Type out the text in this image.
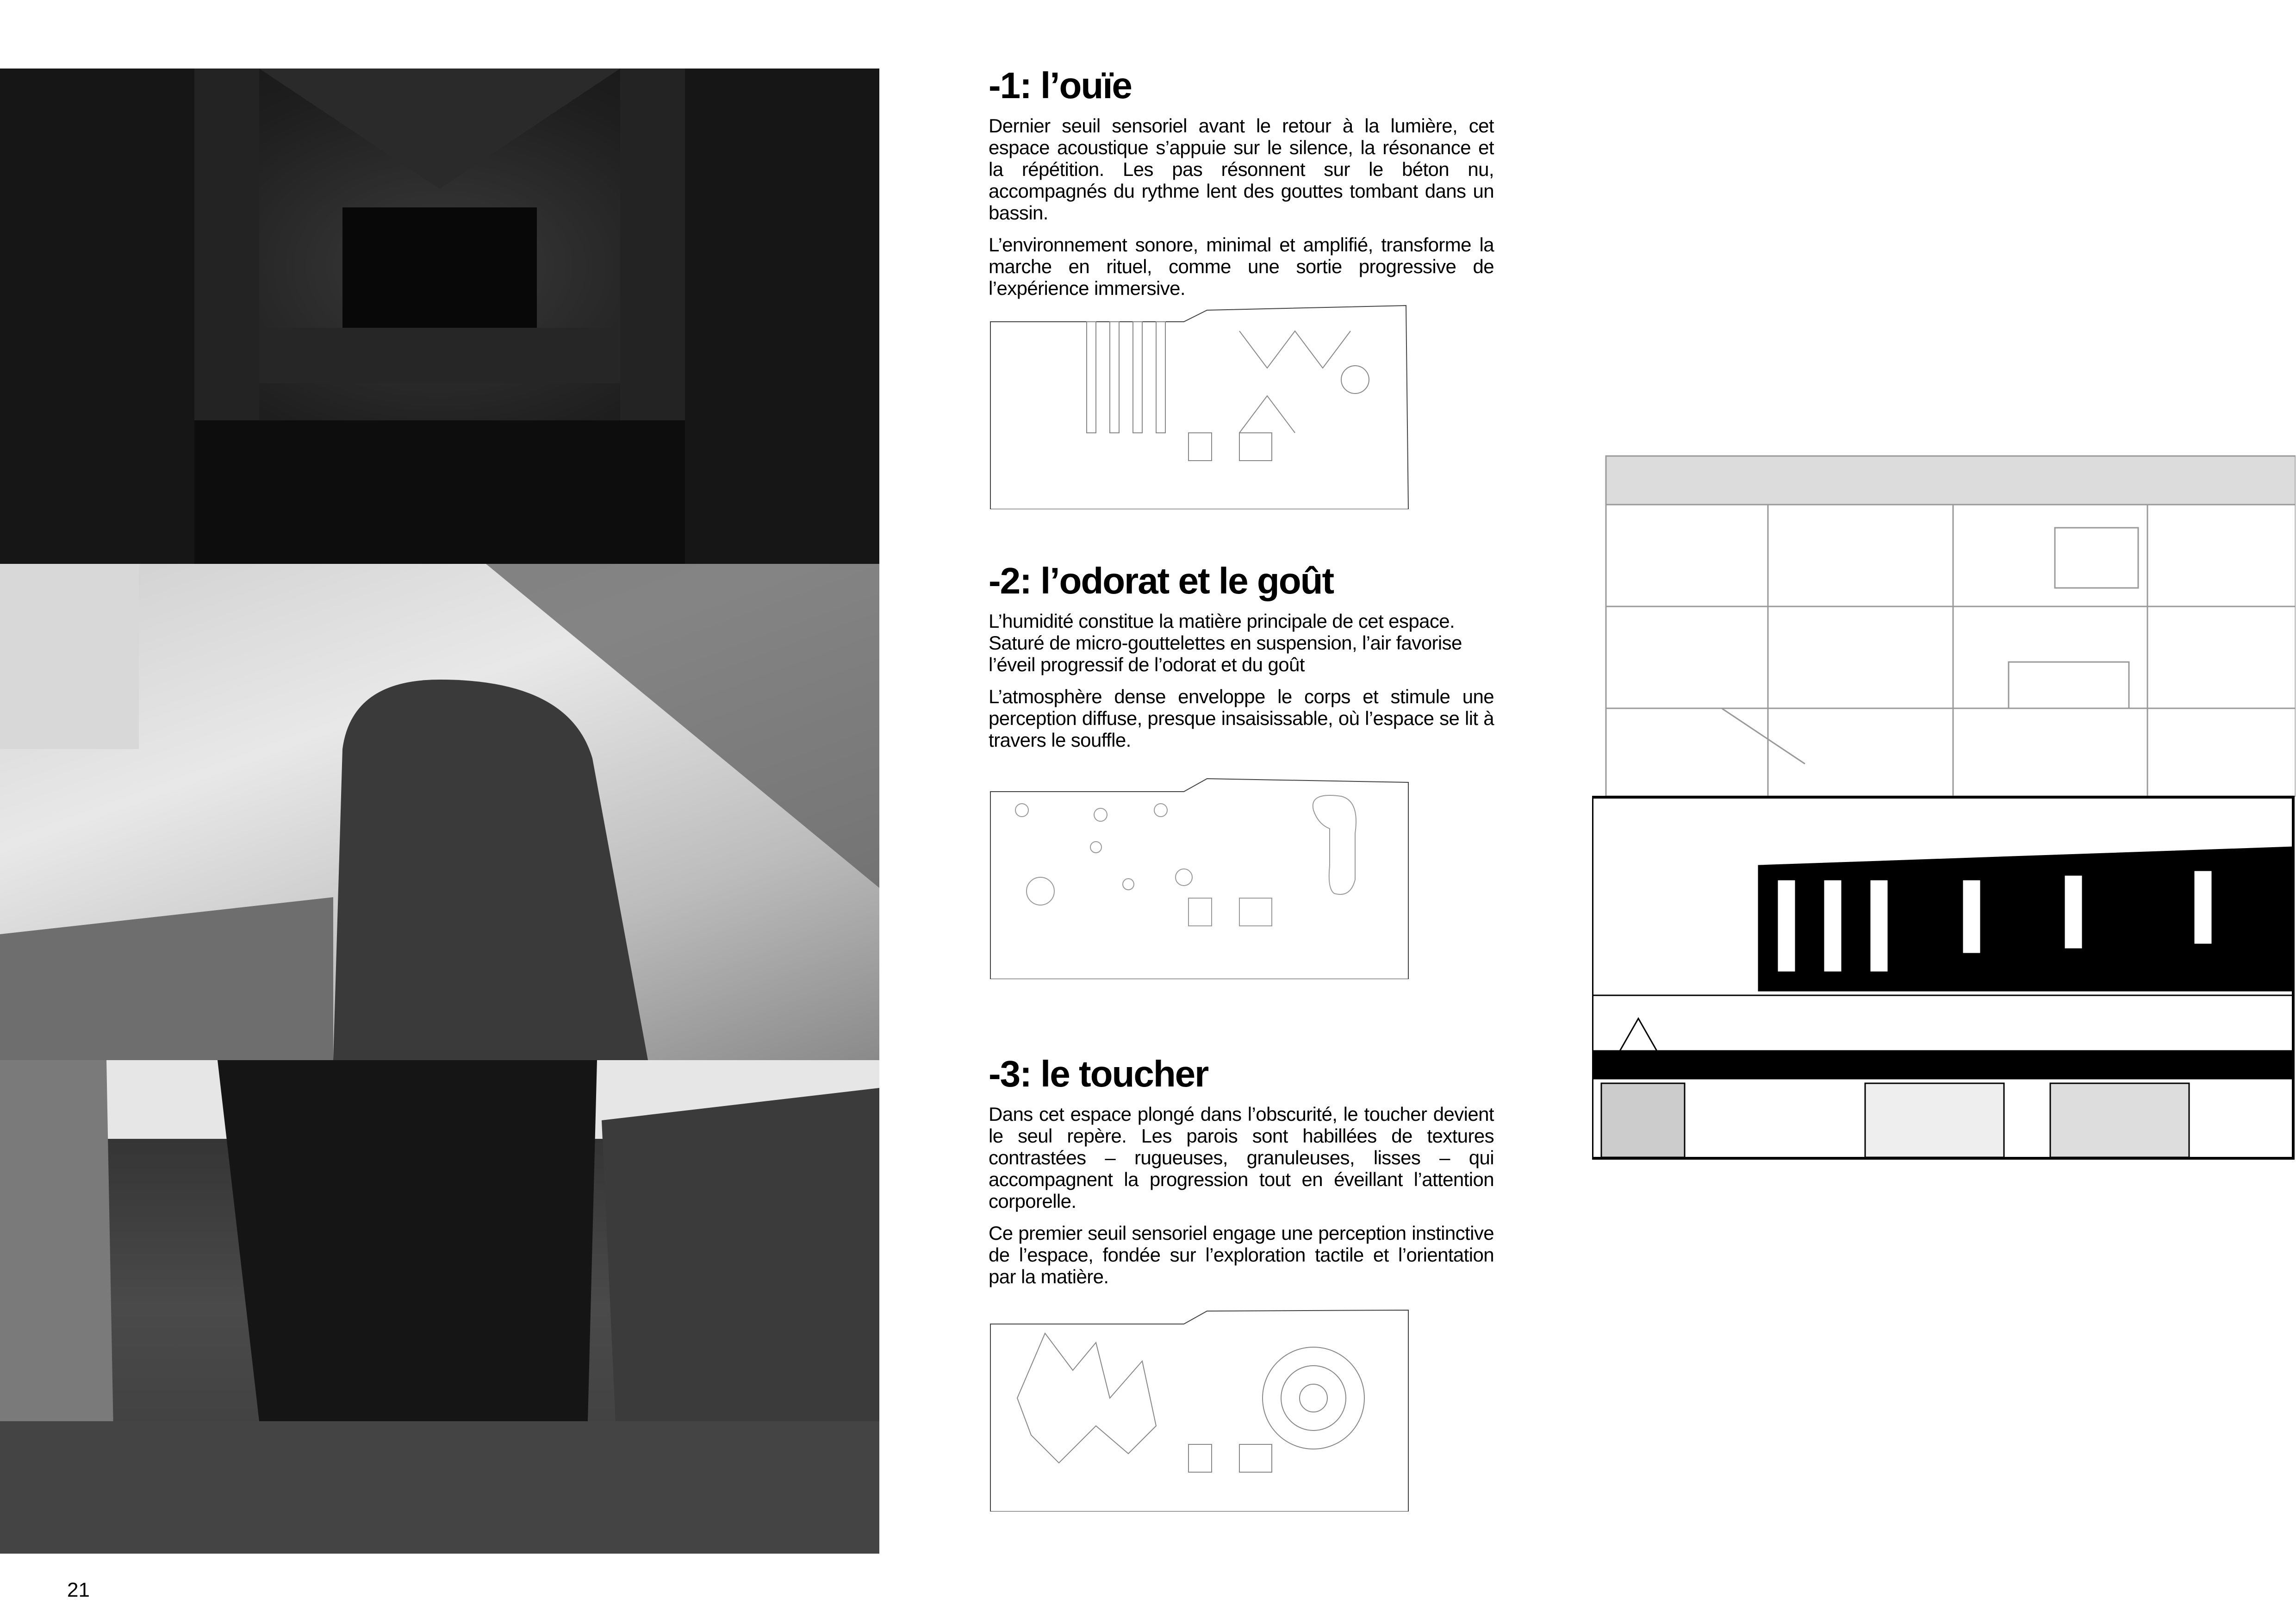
-1: l’ouïe

Dernier seuil sensoriel avant le retour à la lumière, cet espace acoustique s’appuie sur le silence, la résonance et la répétition. Les pas résonnent sur le béton nu, accompagnés du rythme lent des gouttes tombant dans un bassin.

L’environnement sonore, minimal et amplifié, transforme la marche en rituel, comme une sortie progressive de l’expérience immersive.

-2: l’odorat et le goût

L’humidité constitue la matière principale de cet espace. Saturé de micro-gouttelettes en suspension, l’air favorise l’éveil progressif de l’odorat et du goût

L’atmosphère dense enveloppe le corps et stimule une perception diffuse, presque insaisissable, où l’espace se lit à travers le souffle.

-3: le toucher

Dans cet espace plongé dans l’obscurité, le toucher devient le seul repère. Les parois sont habillées de textures contrastées – rugueuses, granuleuses, lisses – qui accompagnent la progression tout en éveillant l’attention corporelle.

Ce premier seuil sensoriel engage une perception instinctive de l’espace, fondée sur l’exploration tactile et l’orientation par la matière.

21
